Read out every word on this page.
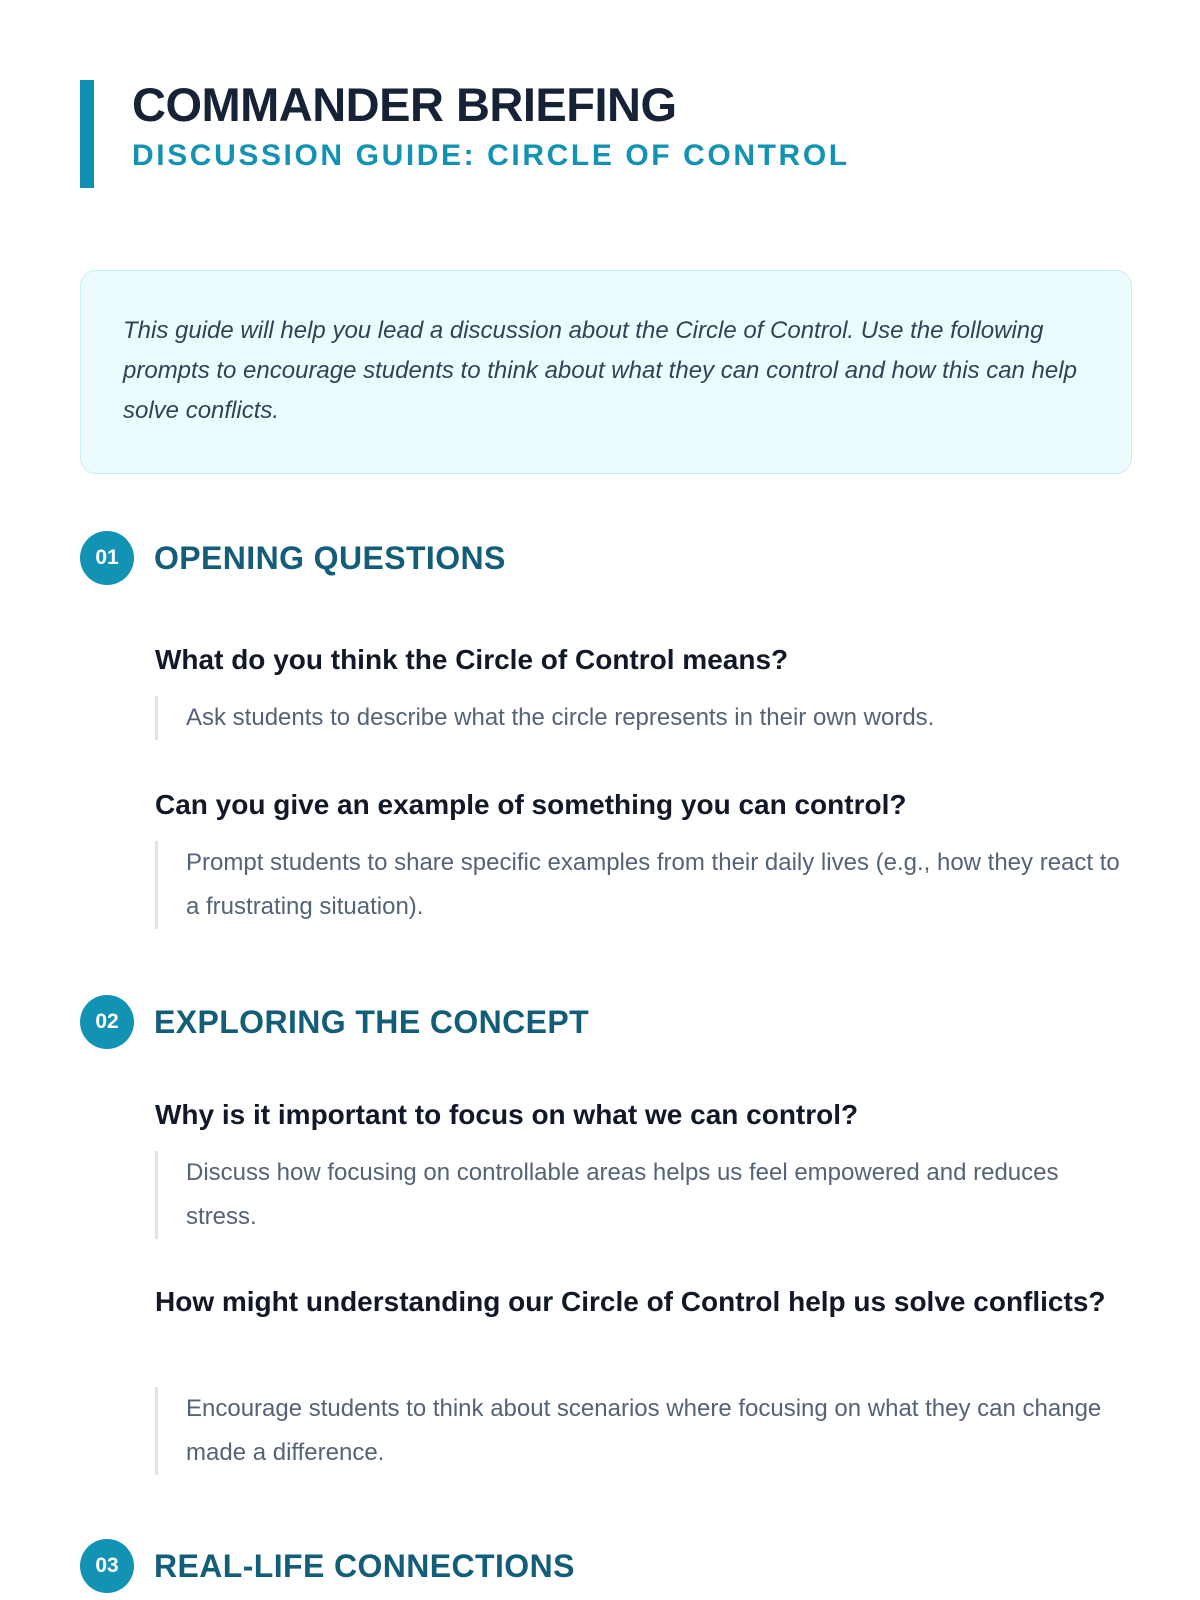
COMMANDER BRIEFING
DISCUSSION GUIDE: CIRCLE OF CONTROL

This guide will help you lead a discussion about the Circle of Control. Use the following prompts to encourage students to think about what they can control and how this can help solve conflicts.

01	OPENING QUESTIONS

What do you think the Circle of Control means?

Ask students to describe what the circle represents in their own words.

Can you give an example of something you can control?

Prompt students to share specific examples from their daily lives (e.g., how they react to a frustrating situation).
02	EXPLORING THE CONCEPT

Why is it important to focus on what we can control?

Discuss how focusing on controllable areas helps us feel empowered and reduces stress.

How might understanding our Circle of Control help us solve conflicts?

Encourage students to think about scenarios where focusing on what they can change made a difference.
03	REAL-LIFE CONNECTIONS
